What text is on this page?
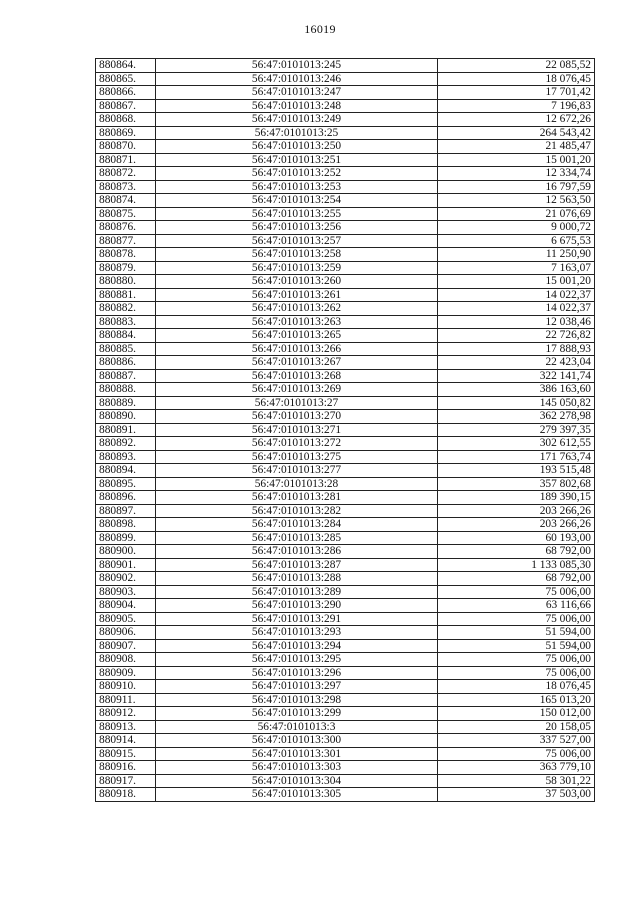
16019
880864.	56:47:0101013:245	22 085,52
880865.	56:47:0101013:246	18 076,45
880866.	56:47:0101013:247	17 701,42
880867.	56:47:0101013:248	7 196,83
880868.	56:47:0101013:249	12 672,26
880869.	56:47:0101013:25	264 543,42
880870.	56:47:0101013:250	21 485,47
880871.	56:47:0101013:251	15 001,20
880872.	56:47:0101013:252	12 334,74
880873.	56:47:0101013:253	16 797,59
880874.	56:47:0101013:254	12 563,50
880875.	56:47:0101013:255	21 076,69
880876.	56:47:0101013:256	9 000,72
880877.	56:47:0101013:257	6 675,53
880878.	56:47:0101013:258	11 250,90
880879.	56:47:0101013:259	7 163,07
880880.	56:47:0101013:260	15 001,20
880881.	56:47:0101013:261	14 022,37
880882.	56:47:0101013:262	14 022,37
880883.	56:47:0101013:263	12 038,46
880884.	56:47:0101013:265	22 726,82
880885.	56:47:0101013:266	17 888,93
880886.	56:47:0101013:267	22 423,04
880887.	56:47:0101013:268	322 141,74
880888.	56:47:0101013:269	386 163,60
880889.	56:47:0101013:27	145 050,82
880890.	56:47:0101013:270	362 278,98
880891.	56:47:0101013:271	279 397,35
880892.	56:47:0101013:272	302 612,55
880893.	56:47:0101013:275	171 763,74
880894.	56:47:0101013:277	193 515,48
880895.	56:47:0101013:28	357 802,68
880896.	56:47:0101013:281	189 390,15
880897.	56:47:0101013:282	203 266,26
880898.	56:47:0101013:284	203 266,26
880899.	56:47:0101013:285	60 193,00
880900.	56:47:0101013:286	68 792,00
880901.	56:47:0101013:287	1 133 085,30
880902.	56:47:0101013:288	68 792,00
880903.	56:47:0101013:289	75 006,00
880904.	56:47:0101013:290	63 116,66
880905.	56:47:0101013:291	75 006,00
880906.	56:47:0101013:293	51 594,00
880907.	56:47:0101013:294	51 594,00
880908.	56:47:0101013:295	75 006,00
880909.	56:47:0101013:296	75 006,00
880910.	56:47:0101013:297	18 076,45
880911.	56:47:0101013:298	165 013,20
880912.	56:47:0101013:299	150 012,00
880913.	56:47:0101013:3	20 158,05
880914.	56:47:0101013:300	337 527,00
880915.	56:47:0101013:301	75 006,00
880916.	56:47:0101013:303	363 779,10
880917.	56:47:0101013:304	58 301,22
880918.	56:47:0101013:305	37 503,00
